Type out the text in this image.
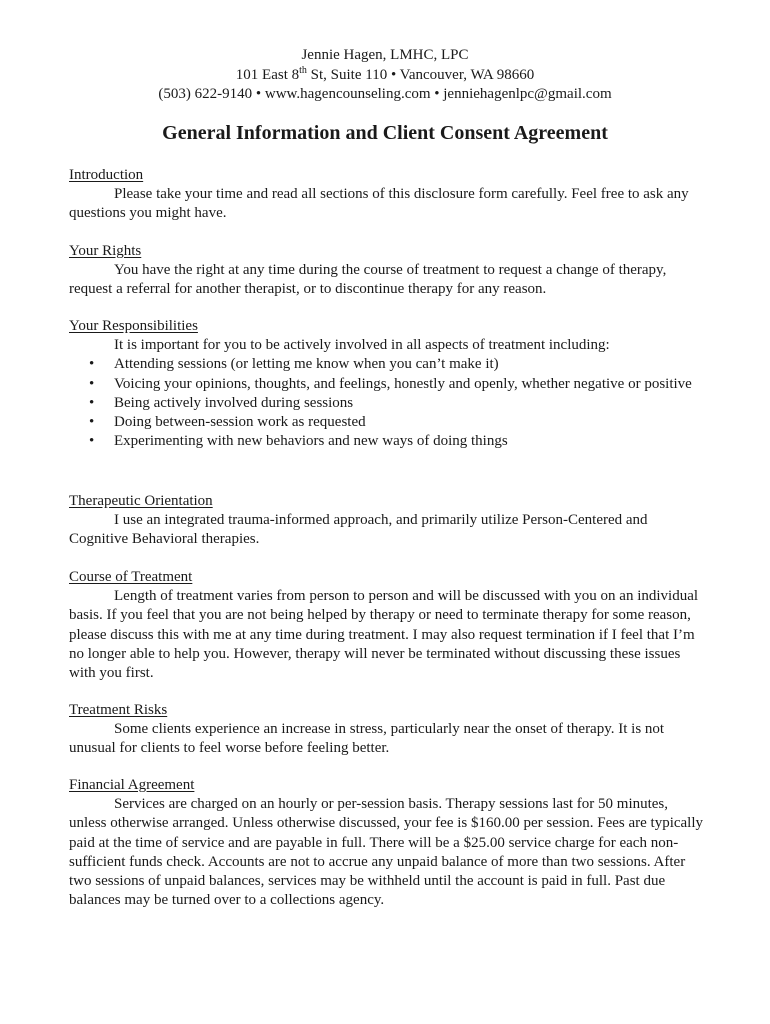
Jennie Hagen, LMHC, LPC
101 East 8th St, Suite 110 • Vancouver, WA 98660
(503) 622-9140 • www.hagencounseling.com • jenniehagenlpc@gmail.com
General Information and Client Consent Agreement
Introduction

Please take your time and read all sections of this disclosure form carefully. Feel free to ask any questions you might have.

Your Rights

You have the right at any time during the course of treatment to request a change of therapy, request a referral for another therapist, or to discontinue therapy for any reason.

Your Responsibilities

It is important for you to be actively involved in all aspects of treatment including:

• Attending sessions (or letting me know when you can’t make it)
• Voicing your opinions, thoughts, and feelings, honestly and openly, whether negative or positive
• Being actively involved during sessions
• Doing between-session work as requested
• Experimenting with new behaviors and new ways of doing things
Therapeutic Orientation

I use an integrated trauma-informed approach, and primarily utilize Person-Centered and Cognitive Behavioral therapies.

Course of Treatment

Length of treatment varies from person to person and will be discussed with you on an individual basis. If you feel that you are not being helped by therapy or need to terminate therapy for some reason, please discuss this with me at any time during treatment. I may also request termination if I feel that I’m no longer able to help you. However, therapy will never be terminated without discussing these issues with you first.

Treatment Risks

Some clients experience an increase in stress, particularly near the onset of therapy. It is not unusual for clients to feel worse before feeling better.

Financial Agreement

Services are charged on an hourly or per-session basis. Therapy sessions last for 50 minutes, unless otherwise arranged. Unless otherwise discussed, your fee is $160.00 per session. Fees are typically paid at the time of service and are payable in full. There will be a $25.00 service charge for each non-sufficient funds check. Accounts are not to accrue any unpaid balance of more than two sessions. After two sessions of unpaid balances, services may be withheld until the account is paid in full. Past due balances may be turned over to a collections agency.
